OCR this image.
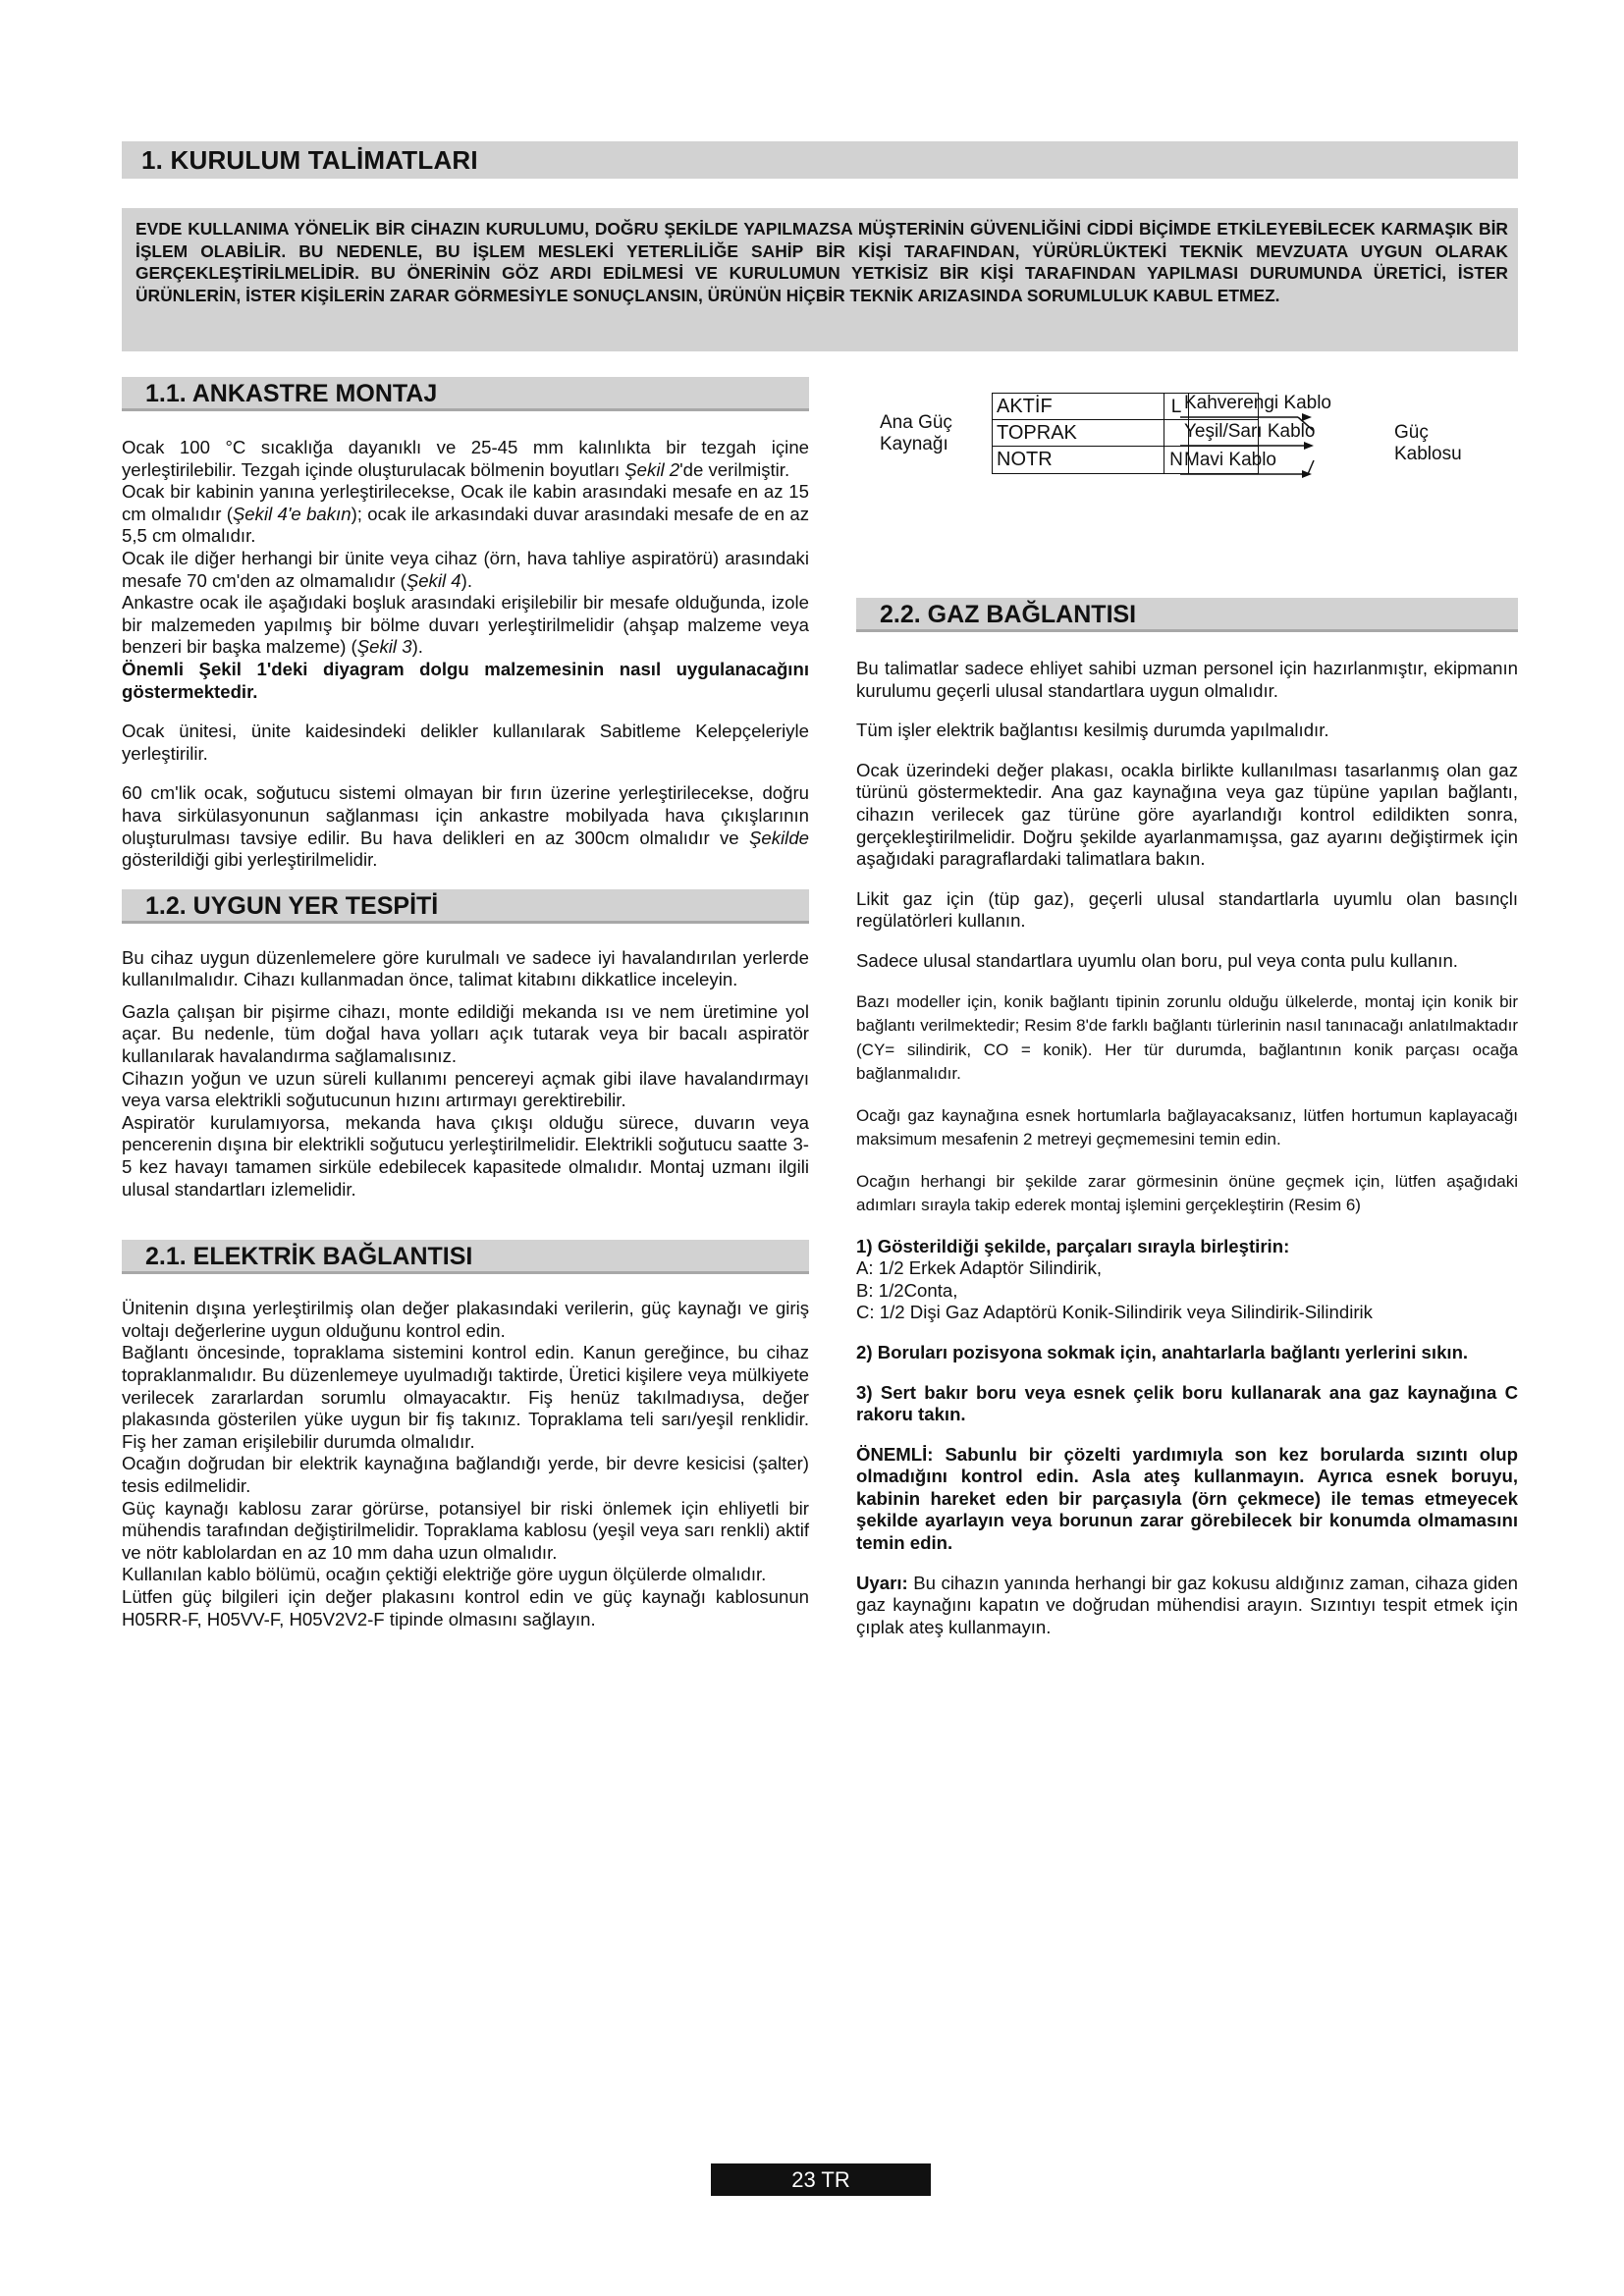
1. KURULUM TALİMATLARI
EVDE KULLANIMA YÖNELİK BİR CİHAZIN KURULUMU, DOĞRU ŞEKİLDE YAPILMAZSA MÜŞTERİNİN GÜVENLİĞİNİ CİDDİ BİÇİMDE ETKİLEYEBİLECEK KARMAŞIK BİR İŞLEM OLABİLİR. BU NEDENLE, BU İŞLEM MESLEKİ YETERLİLİĞE SAHİP BİR KİŞİ TARAFINDAN, YÜRÜRLÜKTEKİ TEKNİK MEVZUATA UYGUN OLARAK GERÇEKLEŞTİRİLMELİDİR. BU ÖNERİNİN GÖZ ARDI EDİLMESİ VE KURULUMUN YETKİSİZ BİR KİŞİ TARAFINDAN YAPILMASI DURUMUNDA ÜRETİCİ, İSTER ÜRÜNLERİN, İSTER KİŞİLERİN ZARAR GÖRMESİYLE SONUÇLANSIN, ÜRÜNÜN HİÇBİR TEKNİK ARIZASINDA SORUMLULUK KABUL ETMEZ.
1.1. ANKASTRE MONTAJ

Ocak 100 °C sıcaklığa dayanıklı ve 25-45 mm kalınlıkta bir tezgah içine yerleştirilebilir. Tezgah içinde oluşturulacak bölmenin boyutları Şekil 2'de verilmiştir.

Ocak bir kabinin yanına yerleştirilecekse, Ocak ile kabin arasındaki mesafe en az 15 cm olmalıdır (Şekil 4'e bakın); ocak ile arkasındaki duvar arasındaki mesafe de en az 5,5 cm olmalıdır.

Ocak ile diğer herhangi bir ünite veya cihaz (örn, hava tahliye aspiratörü) arasındaki mesafe 70 cm'den az olmamalıdır (Şekil 4).

Ankastre ocak ile aşağıdaki boşluk arasındaki erişilebilir bir mesafe olduğunda, izole bir malzemeden yapılmış bir bölme duvarı yerleştirilmelidir (ahşap malzeme veya benzeri bir başka malzeme) (Şekil 3).

Önemli Şekil 1'deki diyagram dolgu malzemesinin nasıl uygulanacağını göstermektedir.

Ocak ünitesi, ünite kaidesindeki delikler kullanılarak Sabitleme Kelepçeleriyle yerleştirilir.

60 cm'lik ocak, soğutucu sistemi olmayan bir fırın üzerine yerleştirilecekse, doğru hava sirkülasyonunun sağlanması için ankastre mobilyada hava çıkışlarının oluşturulması tavsiye edilir. Bu hava delikleri en az 300cm olmalıdır ve Şekilde gösterildiği gibi yerleştirilmelidir.

1.2. UYGUN YER TESPİTİ

Bu cihaz uygun düzenlemelere göre kurulmalı ve sadece iyi havalandırılan yerlerde kullanılmalıdır. Cihazı kullanmadan önce, talimat kitabını dikkatlice inceleyin.

Gazla çalışan bir pişirme cihazı, monte edildiği mekanda ısı ve nem üretimine yol açar. Bu nedenle, tüm doğal hava yolları açık tutarak veya bir bacalı aspiratör kullanılarak havalandırma sağlamalısınız.

Cihazın yoğun ve uzun süreli kullanımı pencereyi açmak gibi ilave havalandırmayı veya varsa elektrikli soğutucunun hızını artırmayı gerektirebilir.

Aspiratör kurulamıyorsa, mekanda hava çıkışı olduğu sürece, duvarın veya pencerenin dışına bir elektrikli soğutucu yerleştirilmelidir. Elektrikli soğutucu saatte 3-5 kez havayı tamamen sirküle edebilecek kapasitede olmalıdır. Montaj uzmanı ilgili ulusal standartları izlemelidir.

2.1. ELEKTRİK BAĞLANTISI

Ünitenin dışına yerleştirilmiş olan değer plakasındaki verilerin, güç kaynağı ve giriş voltajı değerlerine uygun olduğunu kontrol edin.

Bağlantı öncesinde, topraklama sistemini kontrol edin. Kanun gereğince, bu cihaz topraklanmalıdır. Bu düzenlemeye uyulmadığı taktirde, Üretici kişilere veya mülkiyete verilecek zararlardan sorumlu olmayacaktır. Fiş henüz takılmadıysa, değer plakasında gösterilen yüke uygun bir fiş takınız. Topraklama teli sarı/yeşil renklidir. Fiş her zaman erişilebilir durumda olmalıdır.

Ocağın doğrudan bir elektrik kaynağına bağlandığı yerde, bir devre kesicisi (şalter) tesis edilmelidir.

Güç kaynağı kablosu zarar görürse, potansiyel bir riski önlemek için ehliyetli bir mühendis tarafından değiştirilmelidir. Topraklama kablosu (yeşil veya sarı renkli) aktif ve nötr kablolardan en az 10 mm daha uzun olmalıdır.

Kullanılan kablo bölümü, ocağın çektiği elektriğe göre uygun ölçülerde olmalıdır.

Lütfen güç bilgileri için değer plakasını kontrol edin ve güç kaynağı kablosunun H05RR-F, H05VV-F, H05V2V2-F tipinde olmasını sağlayın.

Ana Güç
Kaynağı
AKTİF	L
TOPRAK
NOTR	N
Kahverengi Kablo
Yeşil/Sarı Kablo
Mavi Kablo
Güç
Kablosu
2.2. GAZ BAĞLANTISI

Bu talimatlar sadece ehliyet sahibi uzman personel için hazırlanmıştır, ekipmanın kurulumu geçerli ulusal standartlara uygun olmalıdır.

Tüm işler elektrik bağlantısı kesilmiş durumda yapılmalıdır.

Ocak üzerindeki değer plakası, ocakla birlikte kullanılması tasarlanmış olan gaz türünü göstermektedir. Ana gaz kaynağına veya gaz tüpüne yapılan bağlantı, cihazın verilecek gaz türüne göre ayarlandığı kontrol edildikten sonra, gerçekleştirilmelidir. Doğru şekilde ayarlanmamışsa, gaz ayarını değiştirmek için aşağıdaki paragraflardaki talimatlara bakın.

Likit gaz için (tüp gaz), geçerli ulusal standartlarla uyumlu olan basınçlı regülatörleri kullanın.

Sadece ulusal standartlara uyumlu olan boru, pul veya conta pulu kullanın.

Bazı modeller için, konik bağlantı tipinin zorunlu olduğu ülkelerde, montaj için konik bir bağlantı verilmektedir; Resim 8'de farklı bağlantı türlerinin nasıl tanınacağı anlatılmaktadır (CY= silindirik, CO = konik). Her tür durumda, bağlantının konik parçası ocağa bağlanmalıdır.

Ocağı gaz kaynağına esnek hortumlarla bağlayacaksanız, lütfen hortumun kaplayacağı maksimum mesafenin 2 metreyi geçmemesini temin edin.

Ocağın herhangi bir şekilde zarar görmesinin önüne geçmek için, lütfen aşağıdaki adımları sırayla takip ederek montaj işlemini gerçekleştirin (Resim 6)

1) Gösterildiği şekilde, parçaları sırayla birleştirin:

A: 1/2 Erkek Adaptör Silindirik,

B: 1/2Conta,

C: 1/2 Dişi Gaz Adaptörü Konik-Silindirik veya Silindirik-Silindirik

2) Boruları pozisyona sokmak için, anahtarlarla bağlantı yerlerini sıkın.

3) Sert bakır boru veya esnek çelik boru kullanarak ana gaz kaynağına C rakoru takın.

ÖNEMLİ: Sabunlu bir çözelti yardımıyla son kez borularda sızıntı olup olmadığını kontrol edin. Asla ateş kullanmayın. Ayrıca esnek boruyu, kabinin hareket eden bir parçasıyla (örn çekmece) ile temas etmeyecek şekilde ayarlayın veya borunun zarar görebilecek bir konumda olmamasını temin edin.

Uyarı: Bu cihazın yanında herhangi bir gaz kokusu aldığınız zaman, cihaza giden gaz kaynağını kapatın ve doğrudan mühendisi arayın. Sızıntıyı tespit etmek için çıplak ateş kullanmayın.

23 TR
